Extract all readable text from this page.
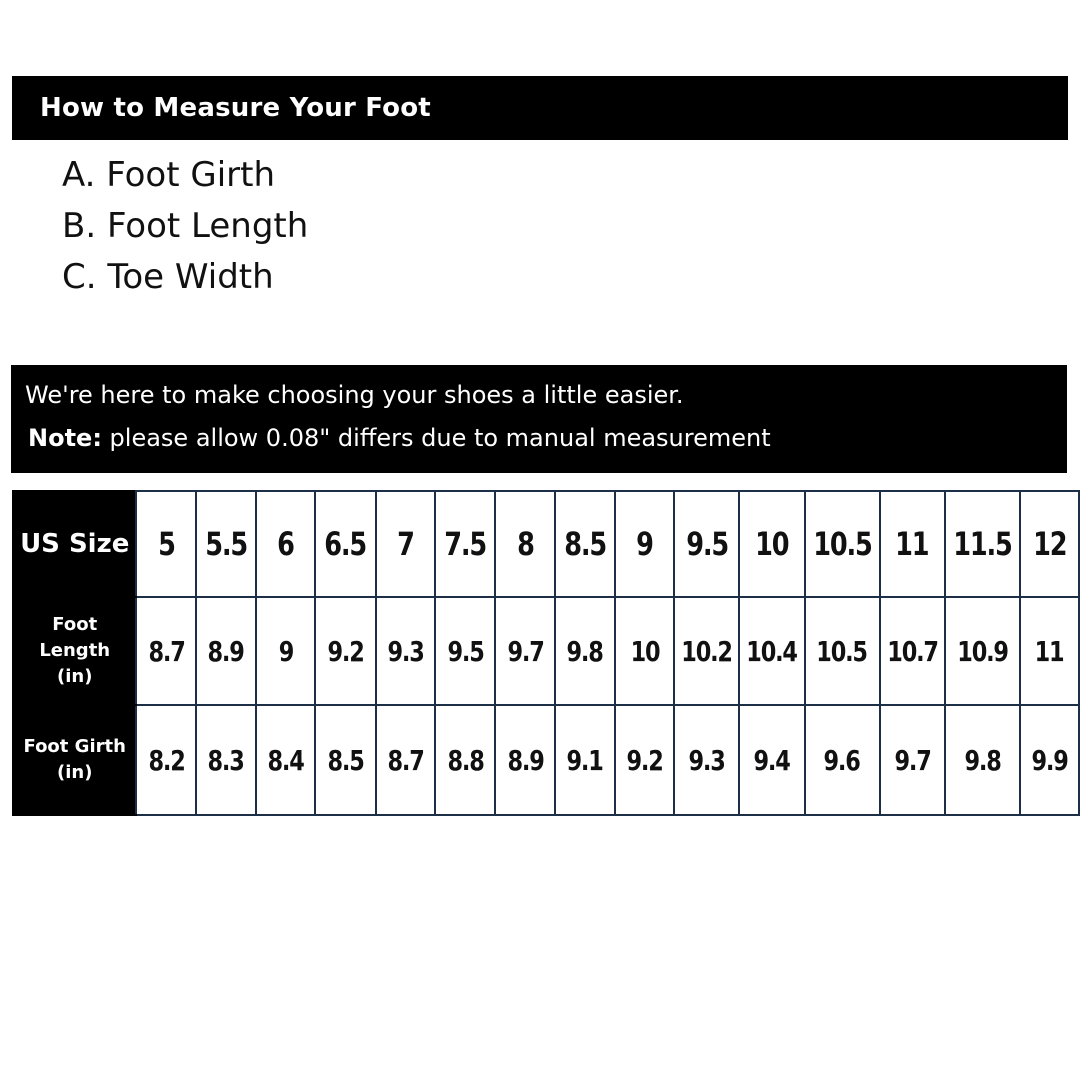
How to Measure Your Foot
A. Foot Girth
B. Foot Length
C. Toe Width
We're here to make choosing your shoes a little easier.
Note: please allow 0.08" differs due to manual measurement
US Size	5	5.5	6	6.5	7	7.5	8	8.5	9	9.5	10	10.5	11	11.5	12

Foot Length
(in)	8.7	8.9	9	9.2	9.3	9.5	9.7	9.8	10	10.2	10.4	10.5	10.7	10.9	11

Foot Girth
(in)	8.2	8.3	8.4	8.5	8.7	8.8	8.9	9.1	9.2	9.3	9.4	9.6	9.7	9.8	9.9
